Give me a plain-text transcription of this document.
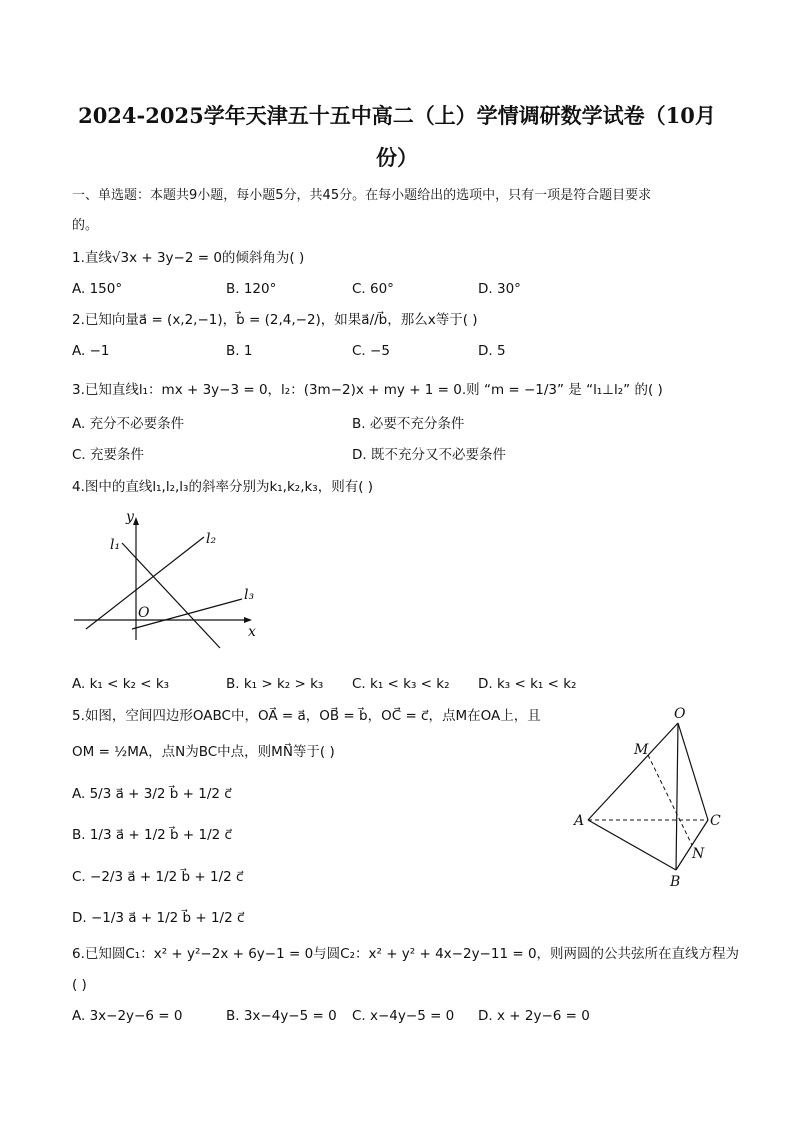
2024-2025学年天津五十五中高二（上）学情调研数学试卷（10月
份）
一、单选题：本题共9小题，每小题5分，共45分。在每小题给出的选项中，只有一项是符合题目要求
的。
1.直线√3x + 3y−2 = 0的倾斜角为( )
A. 150°	B. 120°	C. 60°	D. 30°
2.已知向量a⃗ = (x,2,−1)，b⃗ = (2,4,−2)，如果a⃗//b⃗，那么x等于( )
A. −1	B. 1	C. −5	D. 5
3.已知直线l₁：mx + 3y−3 = 0，l₂：(3m−2)x + my + 1 = 0.则 “m = −1/3” 是 “l₁⊥l₂” 的( )
A. 充分不必要条件	B. 必要不充分条件
C. 充要条件	D. 既不充分又不必要条件
4.图中的直线l₁,l₂,l₃的斜率分别为k₁,k₂,k₃，则有( )
y
l₁	l₂
l₃
O
x
A. k₁ < k₂ < k₃	B. k₁ > k₂ > k₃ C. k₁ < k₃ < k₂ D. k₃ < k₁ < k₂
5.如图，空间四边形OABC中，OA⃗ = a⃗，OB⃗ = b⃗，OC⃗ = c⃗，点M在OA上，且
OM = ½MA，点N为BC中点，则MN⃗等于( )
A. 5/3 a⃗ + 3/2 b⃗ + 1/2 c⃗
B. 1/3 a⃗ + 1/2 b⃗ + 1/2 c⃗
C. −2/3 a⃗ + 1/2 b⃗ + 1/2 c⃗
D. −1/3 a⃗ + 1/2 b⃗ + 1/2 c⃗
O
M
A	C
N
B
6.已知圆C₁：x² + y²−2x + 6y−1 = 0与圆C₂：x² + y² + 4x−2y−11 = 0，则两圆的公共弦所在直线方程为
( )
A. 3x−2y−6 = 0	B. 3x−4y−5 = 0 C. x−4y−5 = 0 D. x + 2y−6 = 0
